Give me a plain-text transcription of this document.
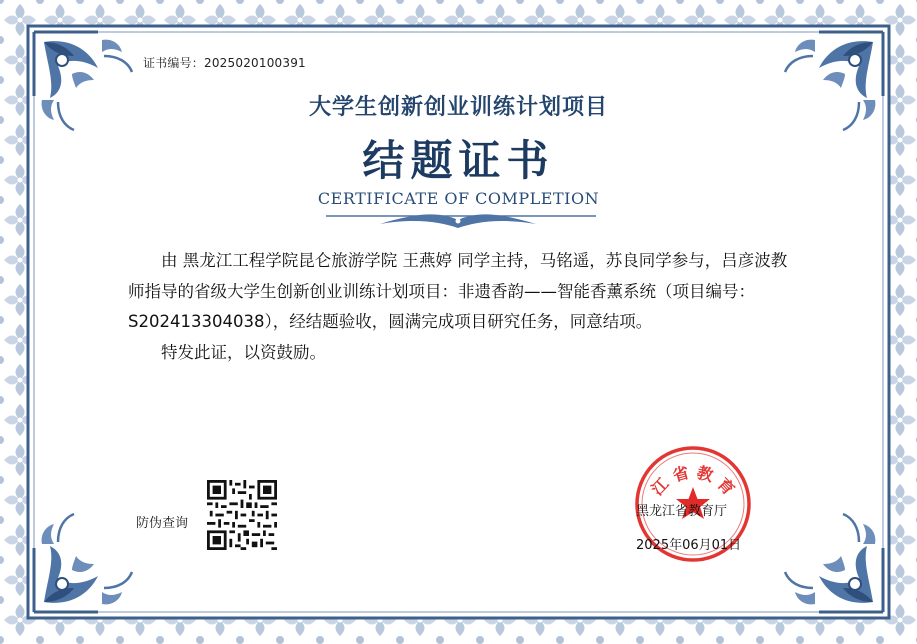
证书编号：2025020100391
大学生创新创业训练计划项目
结题证书
CERTIFICATE OF COMPLETION

由 黑龙江工程学院昆仑旅游学院 王燕婷 同学主持，马铭遥，苏良同学参与，吕彦波教师指导的省级大学生创新创业训练计划项目：非遗香韵——智能香薰系统（项目编号：S202413304038），经结题验收，圆满完成项目研究任务，同意结项。

特发此证，以资鼓励。

防伪查询
江 省 教 育
黑龙江省教育厅
2025年06月01日
